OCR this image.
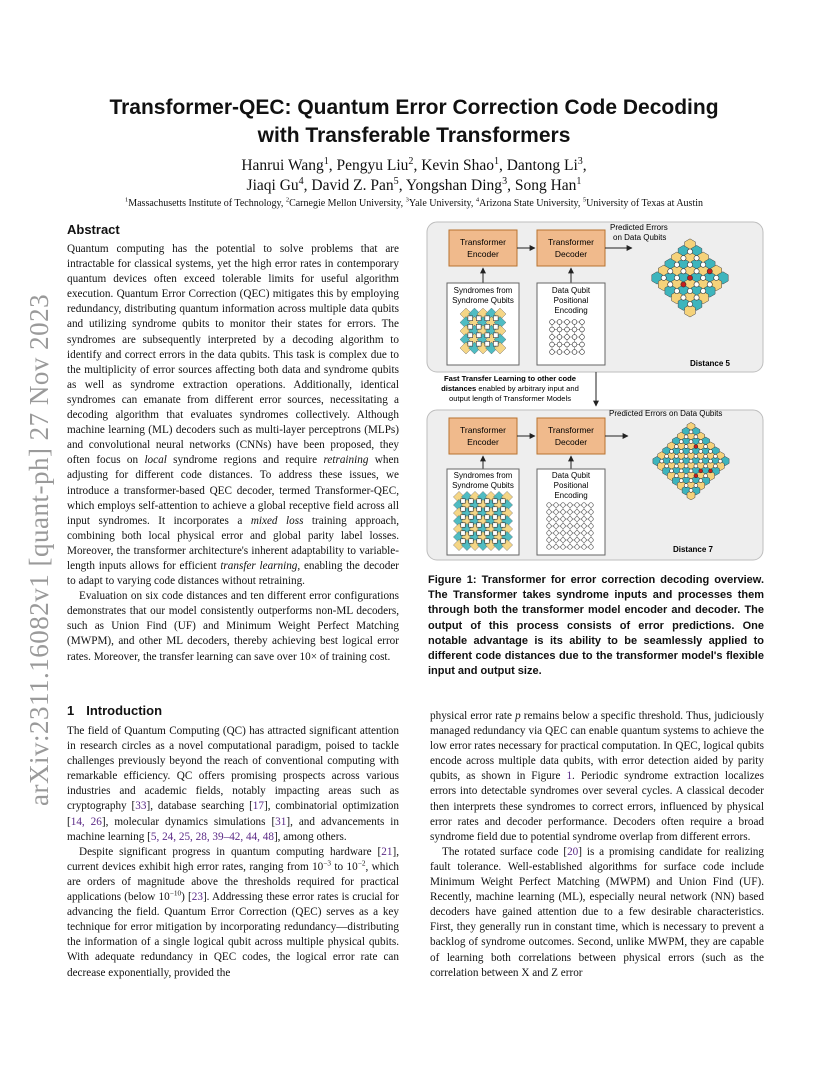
arXiv:2311.16082v1 [quant-ph] 27 Nov 2023
Transformer-QEC: Quantum Error Correction Code Decoding
with Transferable Transformers
Hanrui Wang$^1$, Pengyu Liu$^2$, Kevin Shao$^1$, Dantong Li$^3$,
Jiaqi Gu$^4$, David Z. Pan$^5$, Yongshan Ding$^3$, Song Han$^1$
$^1$Massachusetts Institute of Technology, $^2$Carnegie Mellon University, $^3$Yale University, $^4$Arizona State University, $^5$University of Texas at Austin
Abstract

Quantum computing has the potential to solve problems that are intractable for classical systems, yet the high error rates in contemporary quantum devices often exceed tolerable limits for useful algorithm execution. Quantum Error Correction (QEC) mitigates this by employing redundancy, distributing quantum information across multiple data qubits and utilizing syndrome qubits to monitor their states for errors. The syndromes are subsequently interpreted by a decoding algorithm to identify and correct errors in the data qubits. This task is complex due to the multiplicity of error sources affecting both data and syndrome qubits as well as syndrome extraction operations. Additionally, identical syndromes can emanate from different error sources, necessitating a decoding algorithm that evaluates syndromes collectively. Although machine learning (ML) decoders such as multi-layer perceptrons (MLPs) and convolutional neural networks (CNNs) have been proposed, they often focus on local syndrome regions and require retraining when adjusting for different code distances. To address these issues, we introduce a transformer-based QEC decoder, termed Transformer-QEC, which employs self-attention to achieve a global receptive field across all input syndromes. It incorporates a mixed loss training approach, combining both local physical error and global parity label losses. Moreover, the transformer architecture's inherent adaptability to variable-length inputs allows for efficient transfer learning, enabling the decoder to adapt to varying code distances without retraining.

Evaluation on six code distances and ten different error configurations demonstrates that our model consistently outperforms non-ML decoders, such as Union Find (UF) and Minimum Weight Perfect Matching (MWPM), and other ML decoders, thereby achieving best logical error rates. Moreover, the transfer learning can save over 10× of training cost.

1 Introduction

The field of Quantum Computing (QC) has attracted significant attention in research circles as a novel computational paradigm, poised to tackle challenges previously beyond the reach of conventional computing with remarkable efficiency. QC offers promising prospects across various industries and academic fields, notably impacting areas such as cryptography [33], database searching [17], combinatorial optimization [14, 26], molecular dynamics simulations [31], and advancements in machine learning [5, 24, 25, 28, 39–42, 44, 48], among others.

Despite significant progress in quantum computing hardware [21], current devices exhibit high error rates, ranging from $10^{-3}$ to $10^{-2}$, which are orders of magnitude above the thresholds required for practical applications (below $10^{-10}$) [23]. Addressing these error rates is crucial for advancing the field. Quantum Error Correction (QEC) serves as a key technique for error mitigation by incorporating redundancy—distributing the information of a single logical qubit across multiple physical qubits. With adequate redundancy in QEC codes, the logical error rate can decrease exponentially, provided the

physical error rate p remains below a specific threshold. Thus, judiciously managed redundancy via QEC can enable quantum systems to achieve the low error rates necessary for practical computation. In QEC, logical qubits encode across multiple data qubits, with error detection aided by parity qubits, as shown in Figure 1. Periodic syndrome extraction localizes errors into detectable syndromes over several cycles. A classical decoder then interprets these syndromes to correct errors, influenced by physical error rates and decoder performance. Decoders often require a broad syndrome field due to potential syndrome overlap from different errors.

The rotated surface code [20] is a promising candidate for realizing fault tolerance. Well-established algorithms for surface code include Minimum Weight Perfect Matching (MWPM) and Union Find (UF). Recently, machine learning (ML), especially neural network (NN) based decoders have gained attention due to a few desirable characteristics. First, they generally run in constant time, which is necessary to prevent a backlog of syndrome outcomes. Second, unlike MWPM, they are capable of learning both correlations between physical errors (such as the correlation between X and Z error

Transformer
Encoder
Transformer
Decoder
Syndromes from
Syndrome Qubits
Data Qubit
Positional
Encoding
Predicted Errors
on Data Qubits
Distance 5
Fast Transfer Learning to other code
distances enabled by arbitrary input and
output length of Transformer Models
Transformer
Encoder
Transformer
Decoder
Syndromes from
Syndrome Qubits
Data Qubit
Positional
Encoding
Predicted Errors on Data Qubits
Distance 7
Figure 1: Transformer for error correction decoding overview. The Transformer takes syndrome inputs and processes them through both the transformer model encoder and decoder. The output of this process consists of error predictions. One notable advantage is its ability to be seamlessly applied to different code distances due to the transformer model's flexible input and output size.
